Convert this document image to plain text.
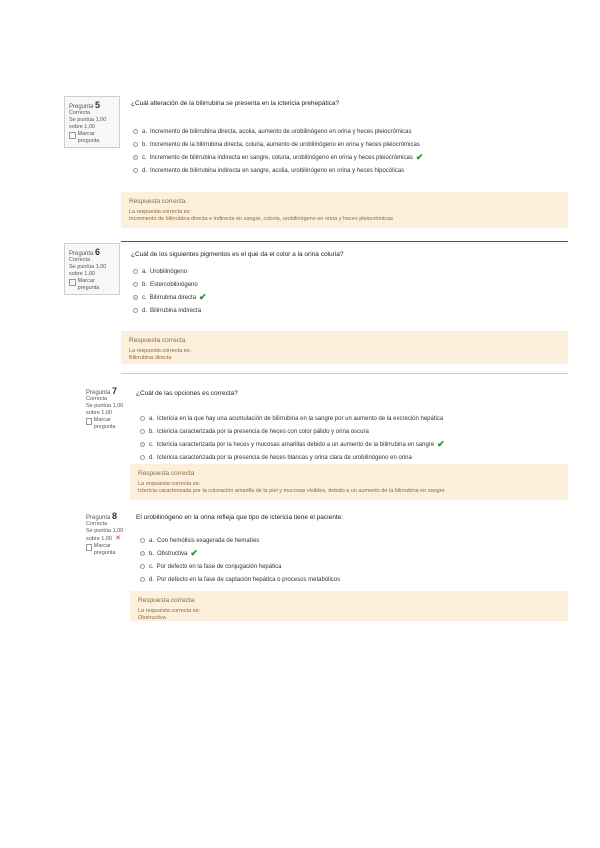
Pregunta 5
Correcta
Se puntúa 1,00 sobre 1,00
Marcar pregunta
¿Cuál alteración de la bilirrubina se presenta en la ictericia prehepática?
a. Incremento de bilirrubina directa, acolia, aumento de urobilinógeno en orina y heces pleiocrómicas
b. Incremento de la bilirrubina directa, coluria, aumento de urobilinógeno en orina y heces pleiocrómicas
c. Incremento de bilirrubina indirecta en sangre, coluria, urobilinógeno en orina y heces pleiocrómicas ✔
d. Incremento de bilirrubina indirecta en sangre, acolia, urobilinógeno en orina y heces hipocólicas
Respuesta correcta
La respuesta correcta es:
Incremento de bilirrubina directa e indirecta en sangre, coluria, urobilinógeno en orina y heces pleiocrómicas
Pregunta 6
Correcta
Se puntúa 1,00 sobre 1,00
Marcar pregunta
¿Cuál de los siguientes pigmentos es el que da el color a la orina coluria?
a. Urobilinógeno
b. Estercobilinógeno
c. Bilirrubina directa ✔
d. Bilirrubina indirecta
Respuesta correcta
La respuesta correcta es:
Bilirrubina directa
Pregunta 7
Correcta
Se puntúa 1,00 sobre 1,00
Marcar pregunta
¿Cuál de las opciones es correcta?
a. Ictericia en la que hay una acumulación de bilirrubina en la sangre por un aumento de la excreción hepática
b. Ictericia caracterizada por la presencia de heces con color pálido y orina oscura
c. Ictericia caracterizada por la heces y mucosas amarillas debido a un aumento de la bilirrubina en sangre ✔
d. Ictericia caracterizada por la presencia de heces blancas y orina clara de urobilinógeno en orina
Respuesta correcta
La respuesta correcta es:
Ictericia caracterizada por la coloración amarilla de la piel y mucosas visibles, debido a un aumento de la bilirrubina en sangre
Pregunta 8
Correcta
Se puntúa 1,00 sobre 1,00 ✕
Marcar pregunta
El urobilinógeno en la orina refleja que tipo de ictericia tiene el paciente:
a. Con hemólisis exagerada de hematíes
b. Obstructiva ✔
c. Por defecto en la fase de conjugación hepática
d. Por defecto en la fase de captación hepática o procesos metabólicos
Respuesta correcta
La respuesta correcta es:
Obstructiva
